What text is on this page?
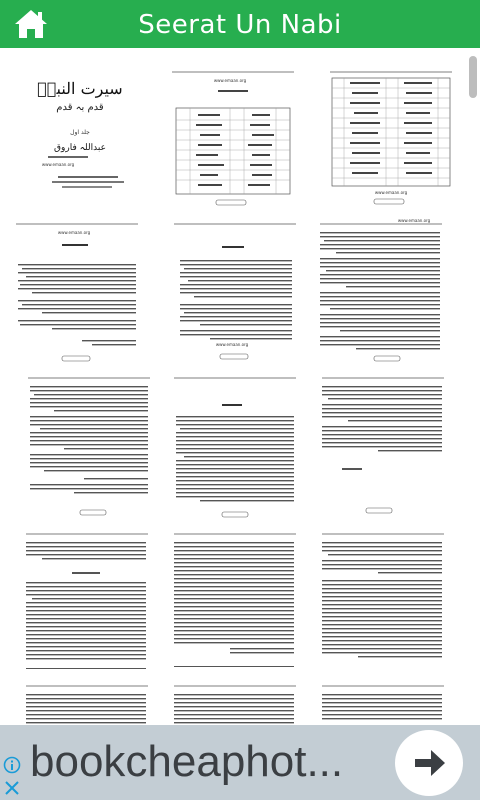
Seerat Un Nabi
سیرت النبیؐ
قدم بہ قدم
جلد اول
عبداللہ فاروق
www.emaan.org
www.emaan.org
www.emaan.org
www.emaan.org
www.emaan.org
www.emaan.org
bookcheaphot...
